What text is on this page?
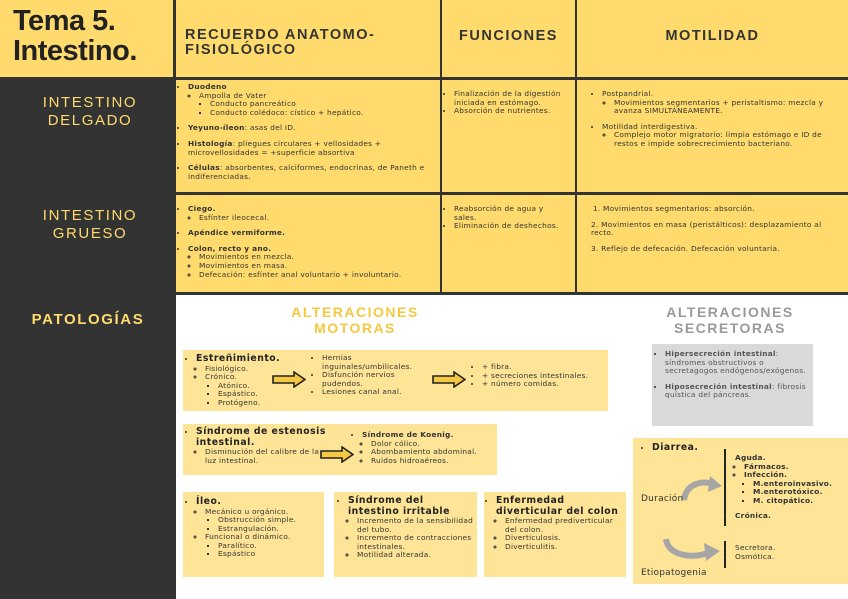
Tema 5.
Intestino.	RECUERDO ANATOMO-FISIOLÓGICO
FUNCIONES	MOTILIDAD
INTESTINO DELGADO
INTESTINO GRUESO
PATOLOGÍAS
• Duodeno
◦ Ampolla de Vater
▪ Conducto pancreático
▪ Conducto colédoco: cístico + hepático.
• Yeyuno-íleon: asas del ID.
• Histología: pliegues circulares + vellosidades + microvellosidades = +superficie absortiva
• Células: absorbentes, calciformes, endocrinas, de Paneth e indiferenciadas.
• Finalización de la digestión iniciada en estómago.
• Absorción de nutrientes.
• Postpandrial.
◦ Movimientos segmentarios + peristaltismo: mezcla y avanza SIMULTÁNEAMENTE.
• Motilidad interdigestiva.
◦ Complejo motor migratorio: limpia estómago e ID de restos e impide sobrecrecimiento bacteriano.
• Ciego.
◦ Esfínter ileocecal.
• Apéndice vermiforme.
• Colon, recto y ano.
◦ Movimientos en mezcla.
◦ Movimientos en masa.
◦ Defecación: esfínter anal voluntario + involuntario.
• Reabsorción de agua y sales.
• Eliminación de deshechos.
1. Movimientos segmentarios: absorción.
2. Movimientos en masa (peristálticos): desplazamiento al recto.
3. Reflejo de defecación. Defecación voluntaria.
ALTERACIONES MOTORAS
ALTERACIONES SECRETORAS
• Estreñimiento.
◦ Fisiológico.
◦ Crónico.
▪ Atónico.
▪ Espástico.
▪ Protógeno.
• Hernias inguinales/umbilicales.
• Disfunción nervios pudendos.
• Lesiones canal anal.
• + fibra.
• + secreciones intestinales.
• + número comidas.
• Síndrome de estenosis intestinal.
◦ Disminución del calibre de la luz intestinal.
• Síndrome de Koenig.
◦ Dolor cólico.
◦ Abombamiento abdominal.
◦ Ruidos hidroaéreos.
• Íleo.
◦ Mecánico u orgánico.
▪ Obstrucción simple.
▪ Estrangulación.
◦ Funcional o dinámico.
▪ Paralítico.
▪ Espástico
• Síndrome del intestino irritable
◦ Incremento de la sensibilidad del tubo.
◦ Incremento de contracciones intestinales.
◦ Motilidad alterada.
• Enfermedad diverticular del colon
◦ Enfermedad prediverticular del colon.
◦ Diverticulosis.
◦ Diverticulitis.
▪ Hipersecreción intestinal: síndromes obstructivos o secretagogos endógenos/exógenos.
▪ Hiposecreción intestinal: fibrosis quística del páncreas.
• Diarrea.
Duración
• Aguda.
◦ Fármacos.
◦ Infección.
▪ M.enteroinvasivo.
▪ M.enterotóxico.
▪ M. citopático.
• Crónica.
Etiopatogenia
• Secretora.
• Osmótica.
